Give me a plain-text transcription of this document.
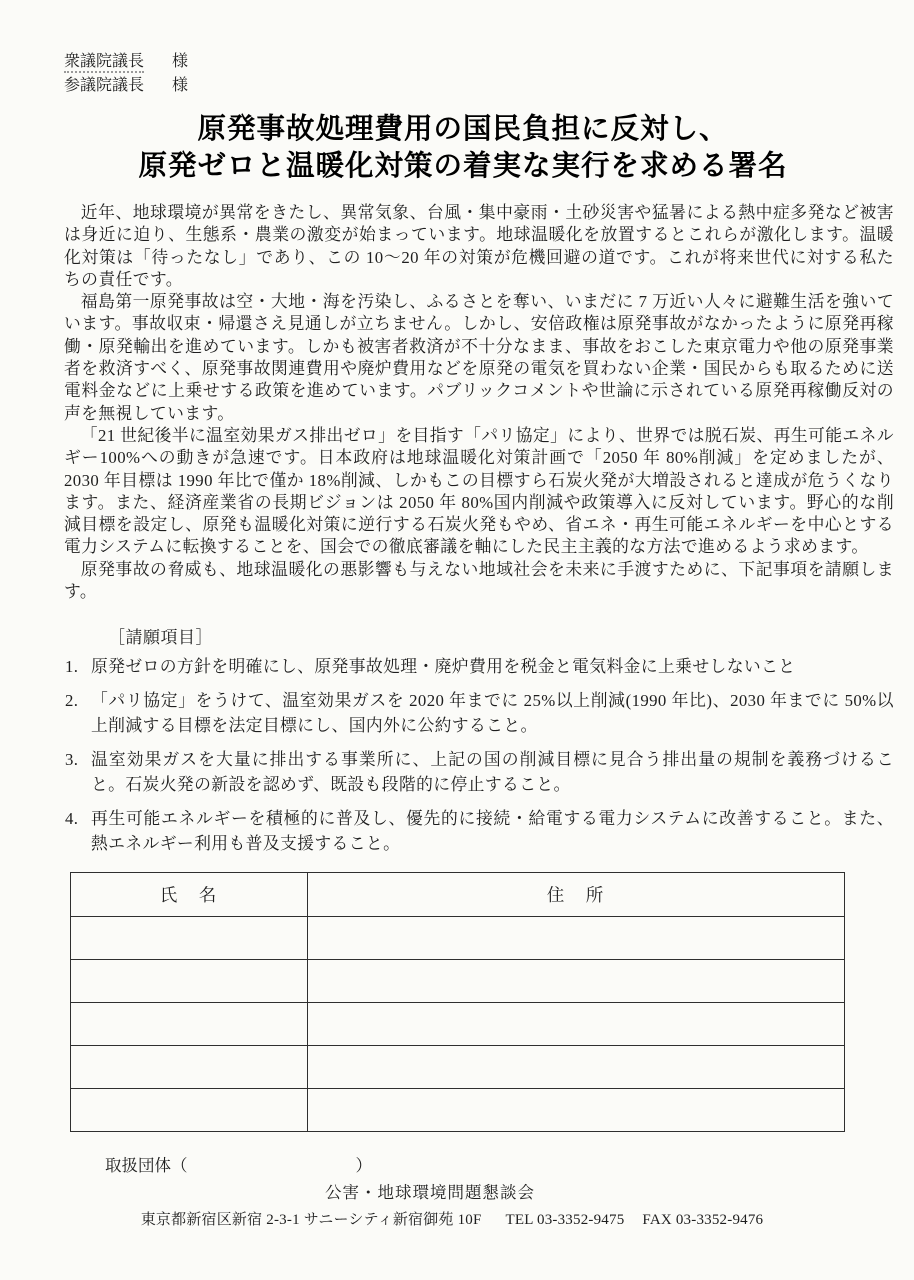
衆議院議長 様
参議院議長 様
原発事故処理費用の国民負担に反対し、
原発ゼロと温暖化対策の着実な実行を求める署名

近年、地球環境が異常をきたし、異常気象、台風・集中豪雨・土砂災害や猛暑による熱中症多発など被害は身近に迫り、生態系・農業の激変が始まっています。地球温暖化を放置するとこれらが激化します。温暖化対策は「待ったなし」であり、この 10～20 年の対策が危機回避の道です。これが将来世代に対する私たちの責任です。

福島第一原発事故は空・大地・海を汚染し、ふるさとを奪い、いまだに 7 万近い人々に避難生活を強いています。事故収束・帰還さえ見通しが立ちません。しかし、安倍政権は原発事故がなかったように原発再稼働・原発輸出を進めています。しかも被害者救済が不十分なまま、事故をおこした東京電力や他の原発事業者を救済すべく、原発事故関連費用や廃炉費用などを原発の電気を買わない企業・国民からも取るために送電料金などに上乗せする政策を進めています。パブリックコメントや世論に示されている原発再稼働反対の声を無視しています。

「21 世紀後半に温室効果ガス排出ゼロ」を目指す「パリ協定」により、世界では脱石炭、再生可能エネルギー100%への動きが急速です。日本政府は地球温暖化対策計画で「2050 年 80%削減」を定めましたが、2030 年目標は 1990 年比で僅か 18%削減、しかもこの目標すら石炭火発が大増設されると達成が危うくなります。また、経済産業省の長期ビジョンは 2050 年 80%国内削減や政策導入に反対しています。野心的な削減目標を設定し、原発も温暖化対策に逆行する石炭火発もやめ、省エネ・再生可能エネルギーを中心とする電力システムに転換することを、国会での徹底審議を軸にした民主主義的な方法で進めるよう求めます。

原発事故の脅威も、地球温暖化の悪影響も与えない地域社会を未来に手渡すために、下記事項を請願します。

［請願項目］
1. 原発ゼロの方針を明確にし、原発事故処理・廃炉費用を税金と電気料金に上乗せしないこと
2. 「パリ協定」をうけて、温室効果ガスを 2020 年までに 25%以上削減(1990 年比)、2030 年までに 50%以上削減する目標を法定目標にし、国内外に公約すること。
3. 温室効果ガスを大量に排出する事業所に、上記の国の削減目標に見合う排出量の規制を義務づけること。石炭火発の新設を認めず、既設も段階的に停止すること。
4. 再生可能エネルギーを積極的に普及し、優先的に接続・給電する電力システムに改善すること。また、熱エネルギー利用も普及支援すること。
氏　名	住　所

取扱団体（	）
公害・地球環境問題懇談会
東京都新宿区新宿 2-3-1 サニーシティ新宿御苑 10F TEL 03-3352-9475 FAX 03-3352-9476
